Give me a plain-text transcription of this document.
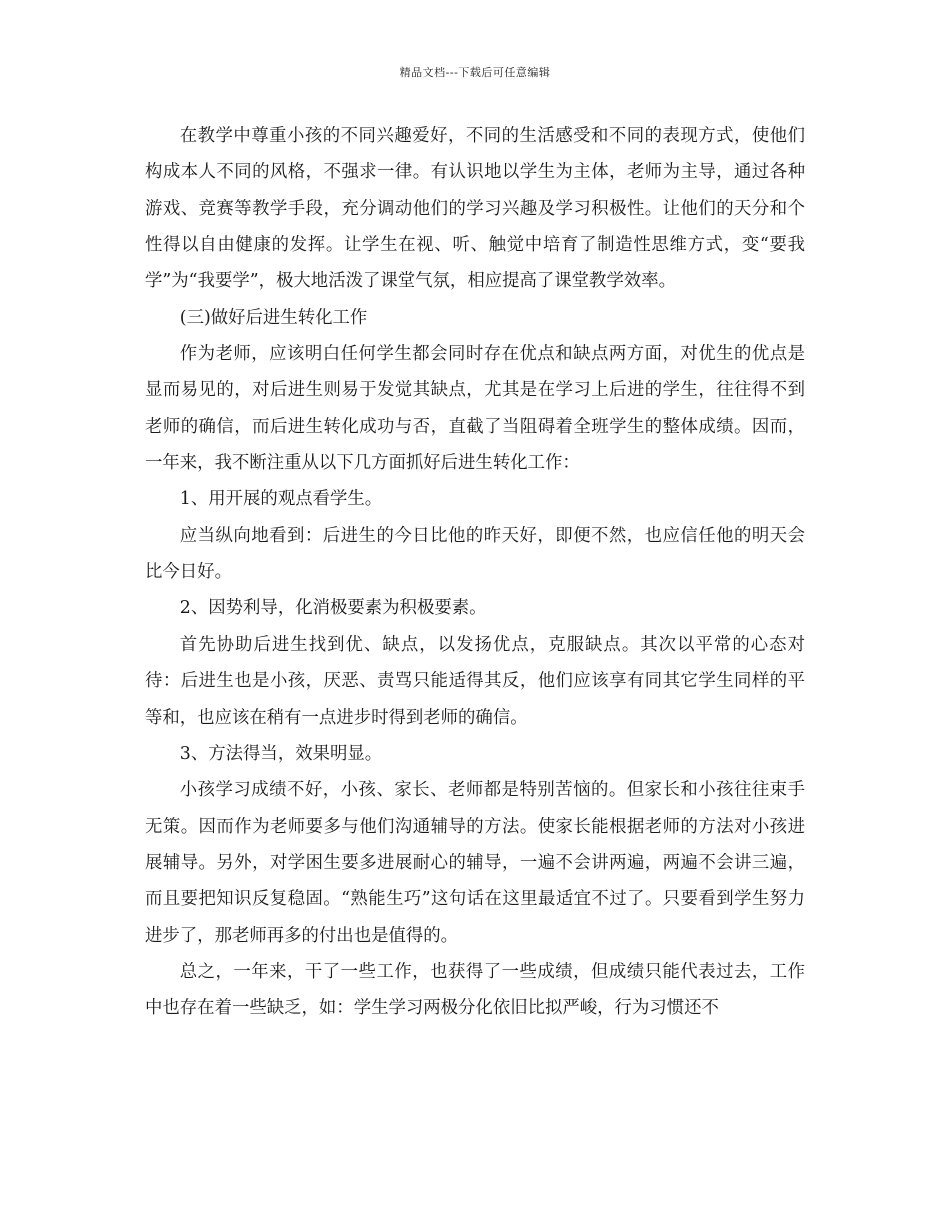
精品文档---下载后可任意编辑

在教学中尊重小孩的不同兴趣爱好，不同的生活感受和不同的表现方式，使他们构成本人不同的风格，不强求一律。有认识地以学生为主体，老师为主导，通过各种游戏、竞赛等教学手段，充分调动他们的学习兴趣及学习积极性。让他们的天分和个性得以自由健康的发挥。让学生在视、听、触觉中培育了制造性思维方式，变“要我学”为“我要学”，极大地活泼了课堂气氛，相应提高了课堂教学效率。

(三)做好后进生转化工作

作为老师，应该明白任何学生都会同时存在优点和缺点两方面，对优生的优点是显而易见的，对后进生则易于发觉其缺点，尤其是在学习上后进的学生，往往得不到老师的确信，而后进生转化成功与否，直截了当阻碍着全班学生的整体成绩。因而，一年来，我不断注重从以下几方面抓好后进生转化工作：

1、用开展的观点看学生。

应当纵向地看到：后进生的今日比他的昨天好，即便不然，也应信任他的明天会比今日好。

2、因势利导，化消极要素为积极要素。

首先协助后进生找到优、缺点，以发扬优点，克服缺点。其次以平常的心态对待：后进生也是小孩，厌恶、责骂只能适得其反，他们应该享有同其它学生同样的平等和，也应该在稍有一点进步时得到老师的确信。

3、方法得当，效果明显。

小孩学习成绩不好，小孩、家长、老师都是特别苦恼的。但家长和小孩往往束手无策。因而作为老师要多与他们沟通辅导的方法。使家长能根据老师的方法对小孩进展辅导。另外，对学困生要多进展耐心的辅导，一遍不会讲两遍，两遍不会讲三遍，而且要把知识反复稳固。“熟能生巧”这句话在这里最适宜不过了。只要看到学生努力进步了，那老师再多的付出也是值得的。

总之，一年来，干了一些工作，也获得了一些成绩，但成绩只能代表过去，工作中也存在着一些缺乏，如：学生学习两极分化依旧比拟严峻，行为习惯还不
